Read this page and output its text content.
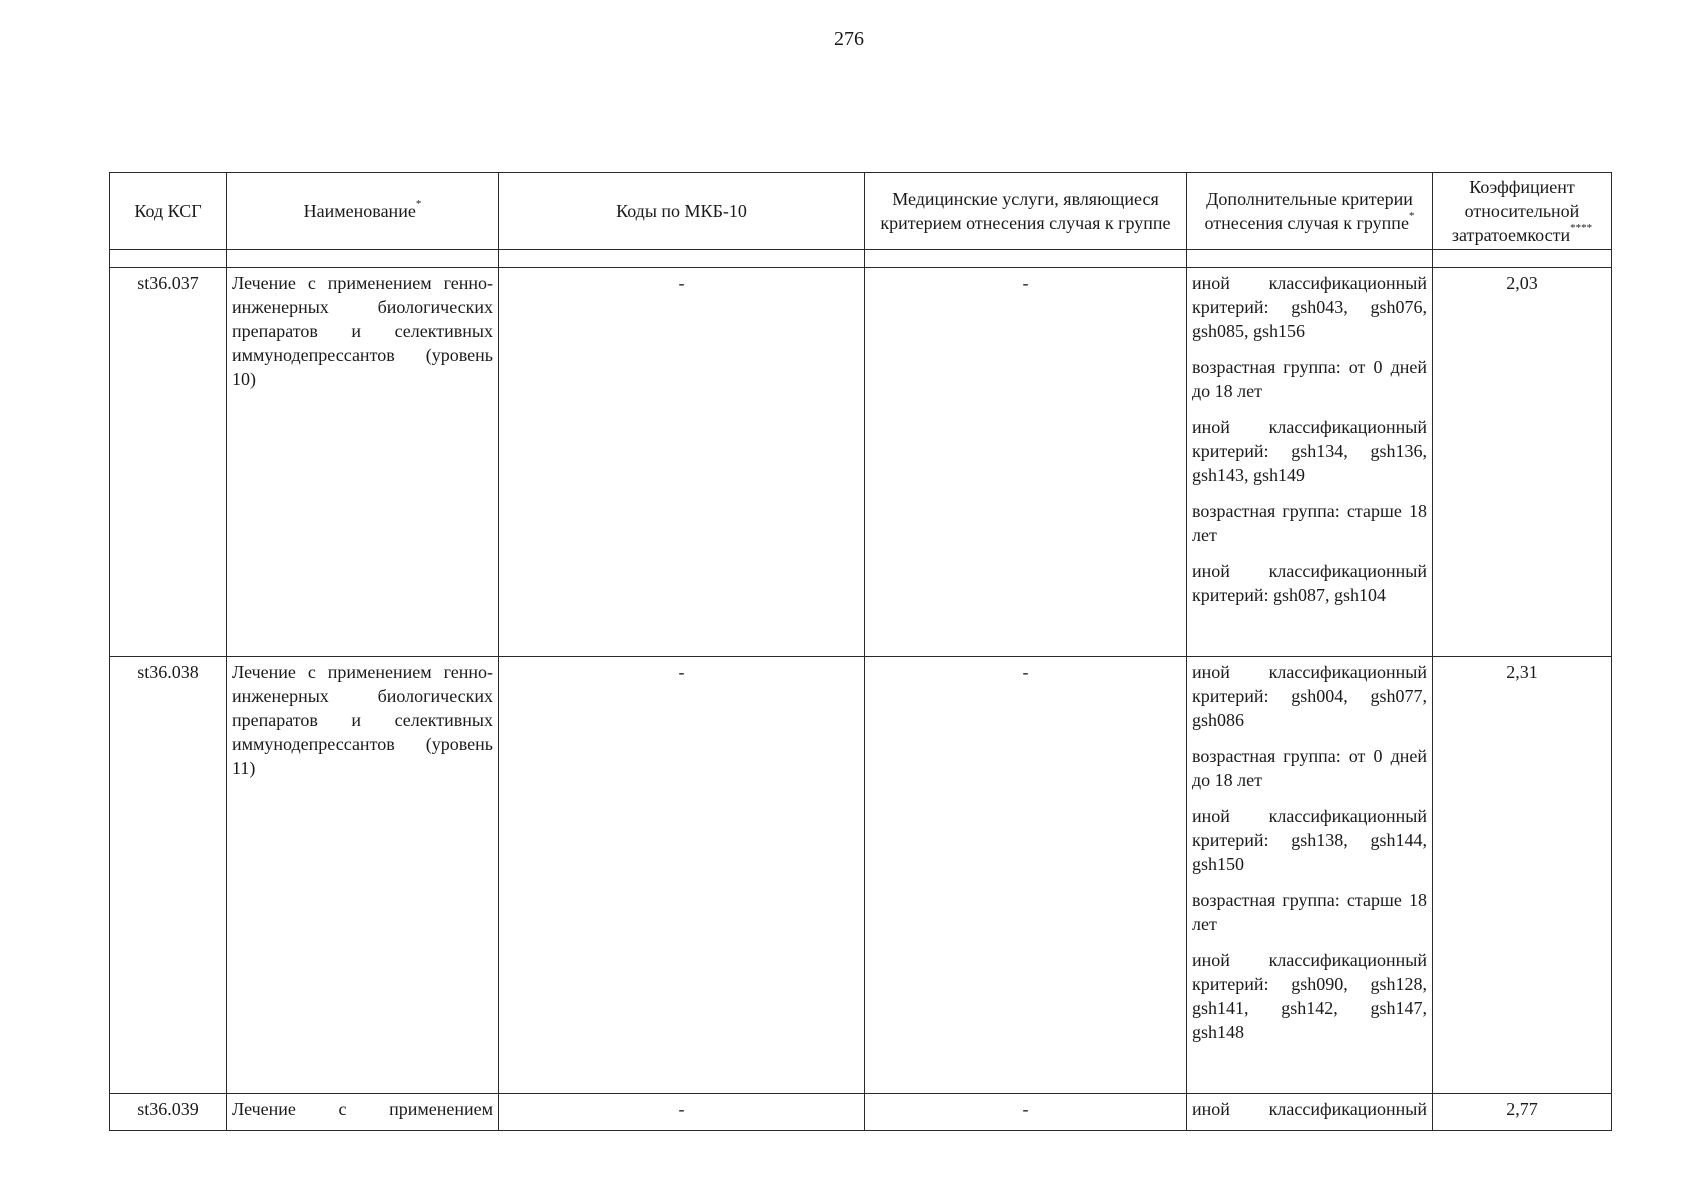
276
Код КСГ	Наименование*	Коды по МКБ-10	Медицинские услуги, являющиеся критерием отнесения случая к группе	Дополнительные критерии отнесения случая к группе*	Коэффициент относительной затратоемкости****

st36.037	Лечение с применением генно-инженерных биологических препаратов и селективных иммунодепрессантов (уровень 10)	-	-	иной классификационный критерий: gsh043, gsh076, gsh085, gsh156
возрастная группа: от 0 дней до 18 лет
иной классификационный критерий: gsh134, gsh136, gsh143, gsh149
возрастная группа: старше 18 лет
иной классификационный критерий: gsh087, gsh104	2,03
st36.038	Лечение с применением генно-инженерных биологических препаратов и селективных иммунодепрессантов (уровень 11)	-	-	иной классификационный критерий: gsh004, gsh077, gsh086
возрастная группа: от 0 дней до 18 лет
иной классификационный критерий: gsh138, gsh144, gsh150
возрастная группа: старше 18 лет
иной классификационный критерий: gsh090, gsh128, gsh141, gsh142, gsh147, gsh148	2,31
st36.039	Лечение с применением	-	-	иной классификационный	2,77
